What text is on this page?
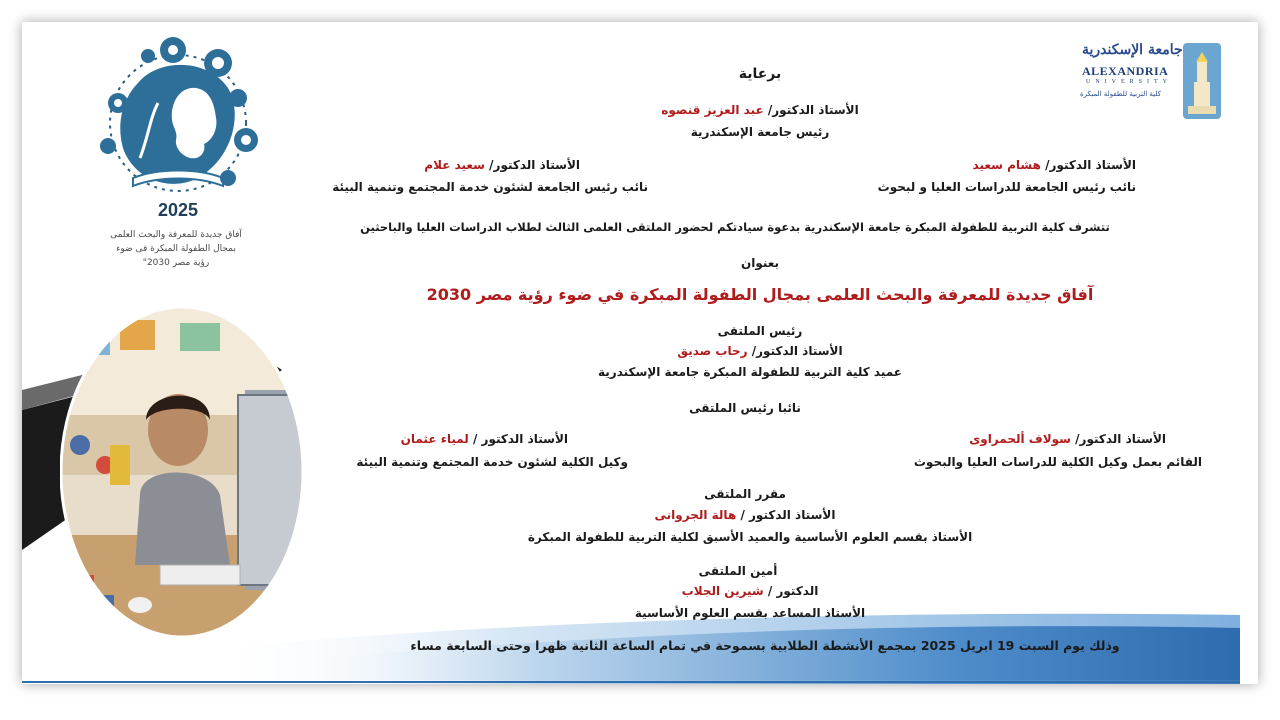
جامعة الإسكندرية
ALEXANDRIA
UNIVERSITY
كلية التربية للطفولة المبكرة
2025
آفاق جديدة للمعرفة والبحث العلمى
بمجال الطفولة المبكرة فى ضوء
رؤية مصر 2030"
برعاية
الأستاذ الدكتور/ عبد العزيز قنصوه
رئيس جامعة الإسكندرية
الأستاذ الدكتور/ هشام سعيد
نائب رئيس الجامعة للدراسات العليا و لبحوث
الأستاذ الدكتور/ سعيد علام
نائب رئيس الجامعة لشئون خدمة المجتمع وتنمية البيئة
تتشرف كلية التربية للطفولة المبكرة جامعة الإسكندرية بدعوة سيادتكم لحضور الملتقى العلمى الثالث لطلاب الدراسات العليا والباحثين
بعنوان
آفاق جديدة للمعرفة والبحث العلمى بمجال الطفولة المبكرة في ضوء رؤية مصر 2030
رئيس الملتقى
الأستاذ الدكتور/ رحاب صديق
عميد كلية التربية للطفولة المبكرة جامعة الإسكندرية
نائبا رئيس الملتقى
الأستاذ الدكتور/ سولاف ألحمراوى
القائم بعمل وكيل الكلية للدراسات العليا والبحوث
الأستاذ الدكتور / لمياء عثمان
وكيل الكلية لشئون خدمة المجتمع وتنمية البيئة
مقرر الملتقى
الأستاذ الدكتور / هالة الجروانى
الأستاذ بقسم العلوم الأساسية والعميد الأسبق لكلية التربية للطفولة المبكرة
أمين الملتقى
الدكتور / شيرين الجلاب
الأستاذ المساعد بقسم العلوم الأساسية
وذلك يوم السبت 19 ابريل 2025 بمجمع الأنشطة الطلابية بسموحة في تمام الساعة الثانية ظهرا وحتى السابعة مساء
